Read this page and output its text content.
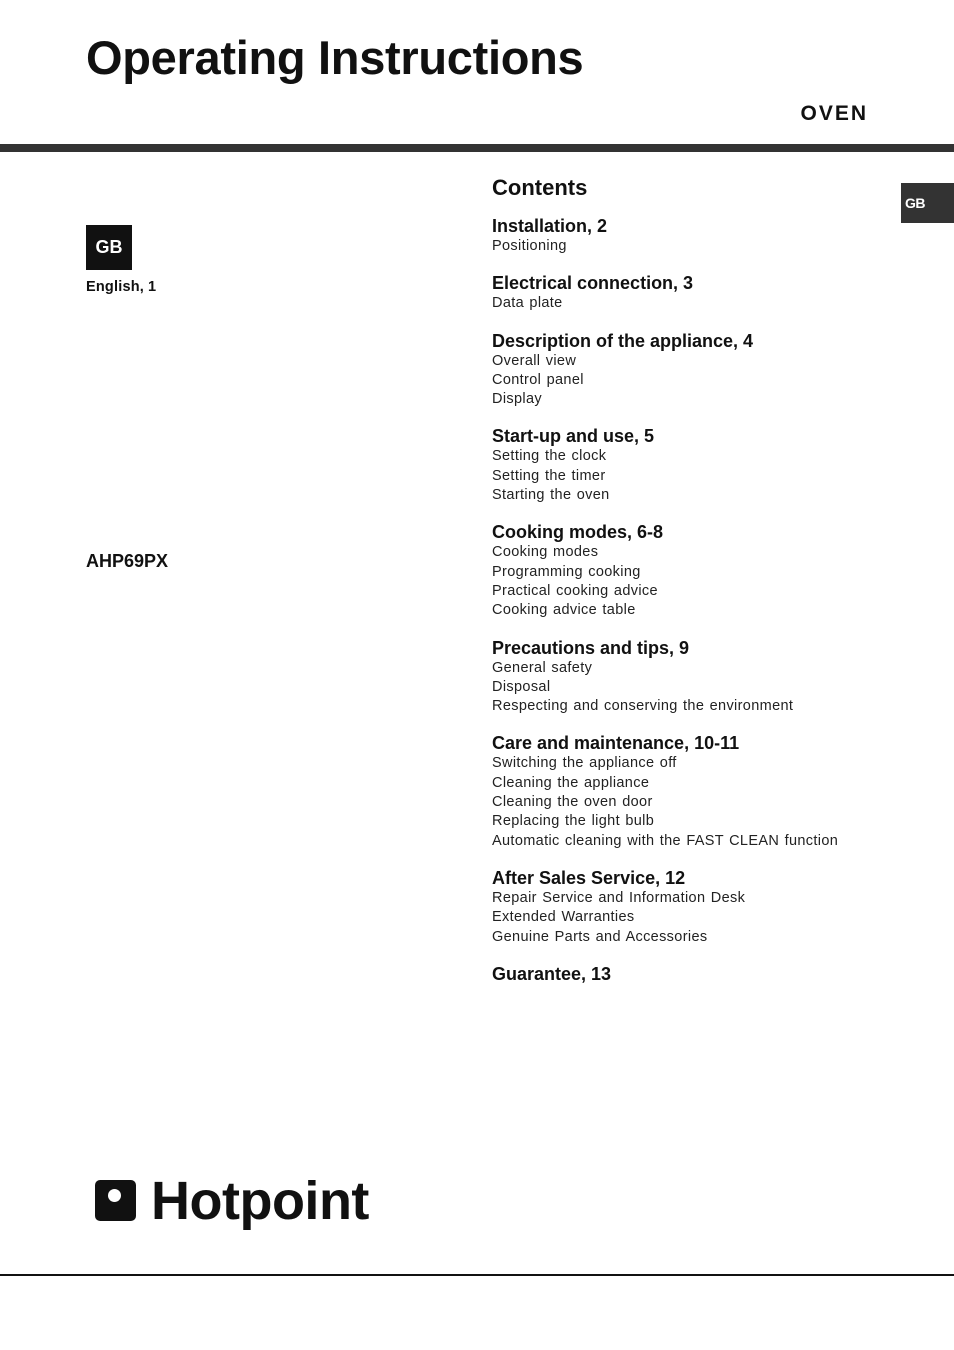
Operating Instructions
OVEN
GB
GB
English, 1
AHP69PX
Contents
Installation, 2
Positioning
Electrical connection, 3
Data plate
Description of the appliance, 4
Overall view
Control panel
Display
Start-up and use, 5
Setting the clock
Setting the timer
Starting the oven
Cooking modes, 6-8
Cooking modes
Programming cooking
Practical cooking advice
Cooking advice table
Precautions and tips, 9
General safety
Disposal
Respecting and conserving the environment
Care and maintenance, 10-11
Switching the appliance off
Cleaning the appliance
Cleaning the oven door
Replacing the light bulb
Automatic cleaning with the FAST CLEAN function
After Sales Service, 12
Repair Service and Information Desk
Extended Warranties
Genuine Parts and Accessories
Guarantee, 13
Hotpoint
